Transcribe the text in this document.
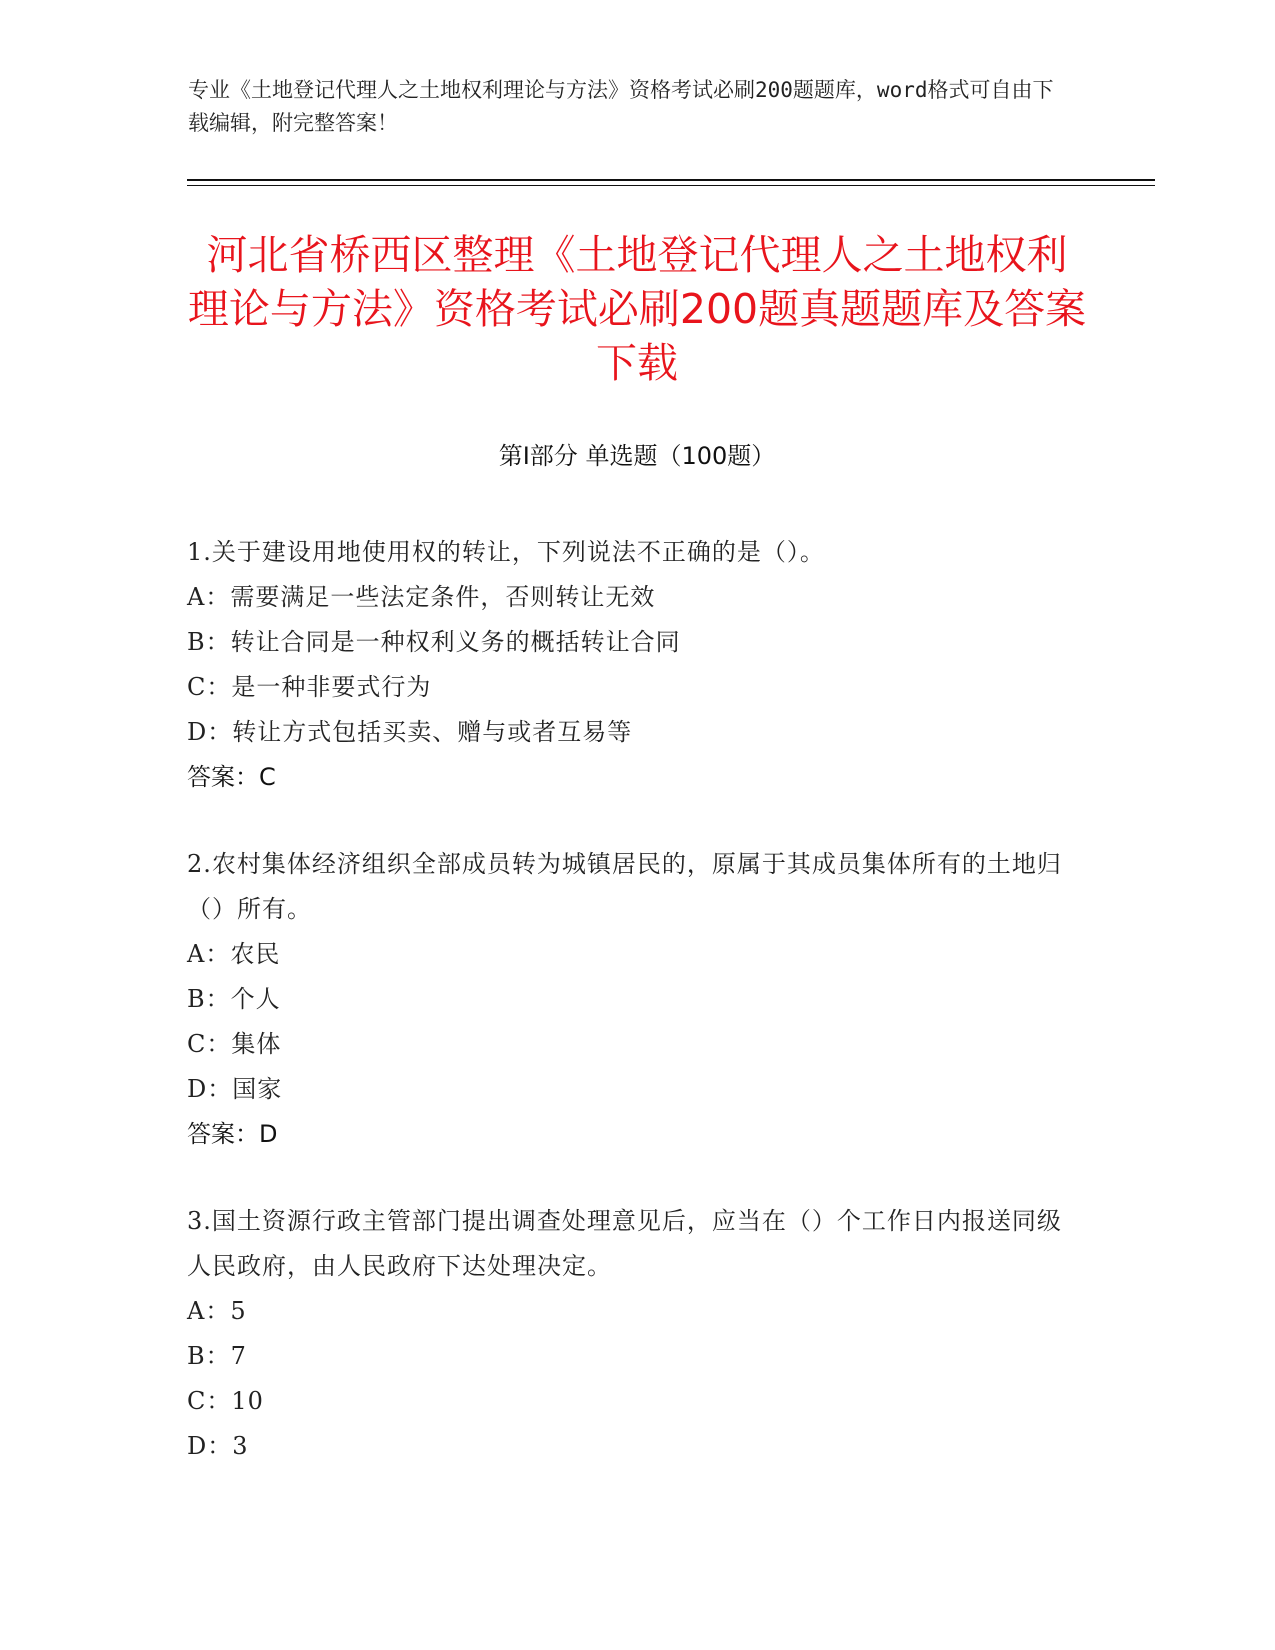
专业《土地登记代理人之土地权利理论与方法》资格考试必刷200题题库，word格式可自由下载编辑，附完整答案！
河北省桥西区整理《土地登记代理人之土地权利理论与方法》资格考试必刷200题真题题库及答案下载
第Ⅰ部分 单选题（100题）
1.关于建设用地使用权的转让，下列说法不正确的是（）。
A：需要满足一些法定条件，否则转让无效
B：转让合同是一种权利义务的概括转让合同
C：是一种非要式行为
D：转让方式包括买卖、赠与或者互易等
答案：C
2.农村集体经济组织全部成员转为城镇居民的，原属于其成员集体所有的土地归（）所有。
A：农民
B：个人
C：集体
D：国家
答案：D
3.国土资源行政主管部门提出调查处理意见后，应当在（）个工作日内报送同级人民政府，由人民政府下达处理决定。
A：5
B：7
C：10
D：3
